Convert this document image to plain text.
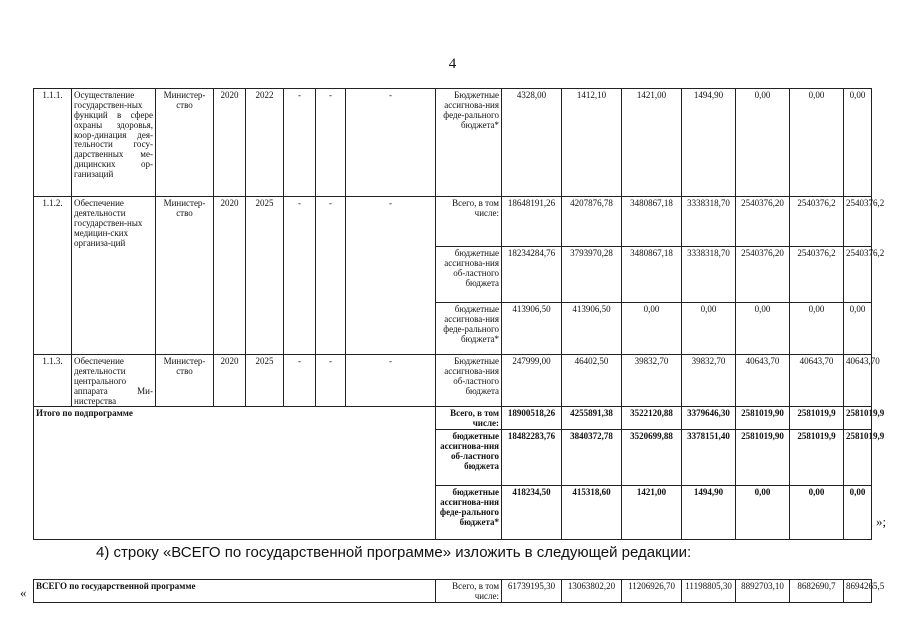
4
1.1.1.	Осуществление государствен-ных функций в сфере охраны здоровья, коор-динация дея-тельности госу-дарственных ме-дицинских ор-ганизаций	Министер-ство	2020	2022	-	-	-	Бюджетные ассигнова-ния феде-рального бюджета*	4328,00	1412,10	1421,00	1494,90	0,00	0,00	0,00
1.1.2.	Обеспечение деятельности государствен-ных медицин-ских организа-ций	Министер-ство	2020	2025	-	-	-	Всего, в том числе:	18648191,26	4207876,78	3480867,18	3338318,70	2540376,20	2540376,2	2540376,2
								бюджетные ассигнова-ния об-ластного бюджета	18234284,76	3793970,28	3480867,18	3338318,70	2540376,20	2540376,2	2540376,2
								бюджетные ассигнова-ния феде-рального бюджета*	413906,50	413906,50	0,00	0,00	0,00	0,00	0,00
1.1.3.	Обеспечение деятельности центрального аппарата Ми-нистерства	Министер-ство	2020	2025	-	-	-	Бюджетные ассигнова-ния об-ластного бюджета	247999,00	46402,50	39832,70	39832,70	40643,70	40643,70	40643,70
Итого по подпрограмме								Всего, в том числе:	18900518,26	4255891,38	3522120,88	3379646,30	2581019,90	2581019,9	2581019,9
								бюджетные ассигнова-ния об-ластного бюджета	18482283,76	3840372,78	3520699,88	3378151,40	2581019,90	2581019,9	2581019,9
								бюджетные ассигнова-ния феде-рального бюджета*	418234,50	415318,60	1421,00	1494,90	0,00	0,00	0,00
»;
4) строку «ВСЕГО по государственной программе» изложить в следующей редакции:
« ВСЕГО по государственной программе	Всего, в том числе:	61739195,30	13063802,20	11206926,70	11198805,30	8892703,10	8682690,7	8694265,5
